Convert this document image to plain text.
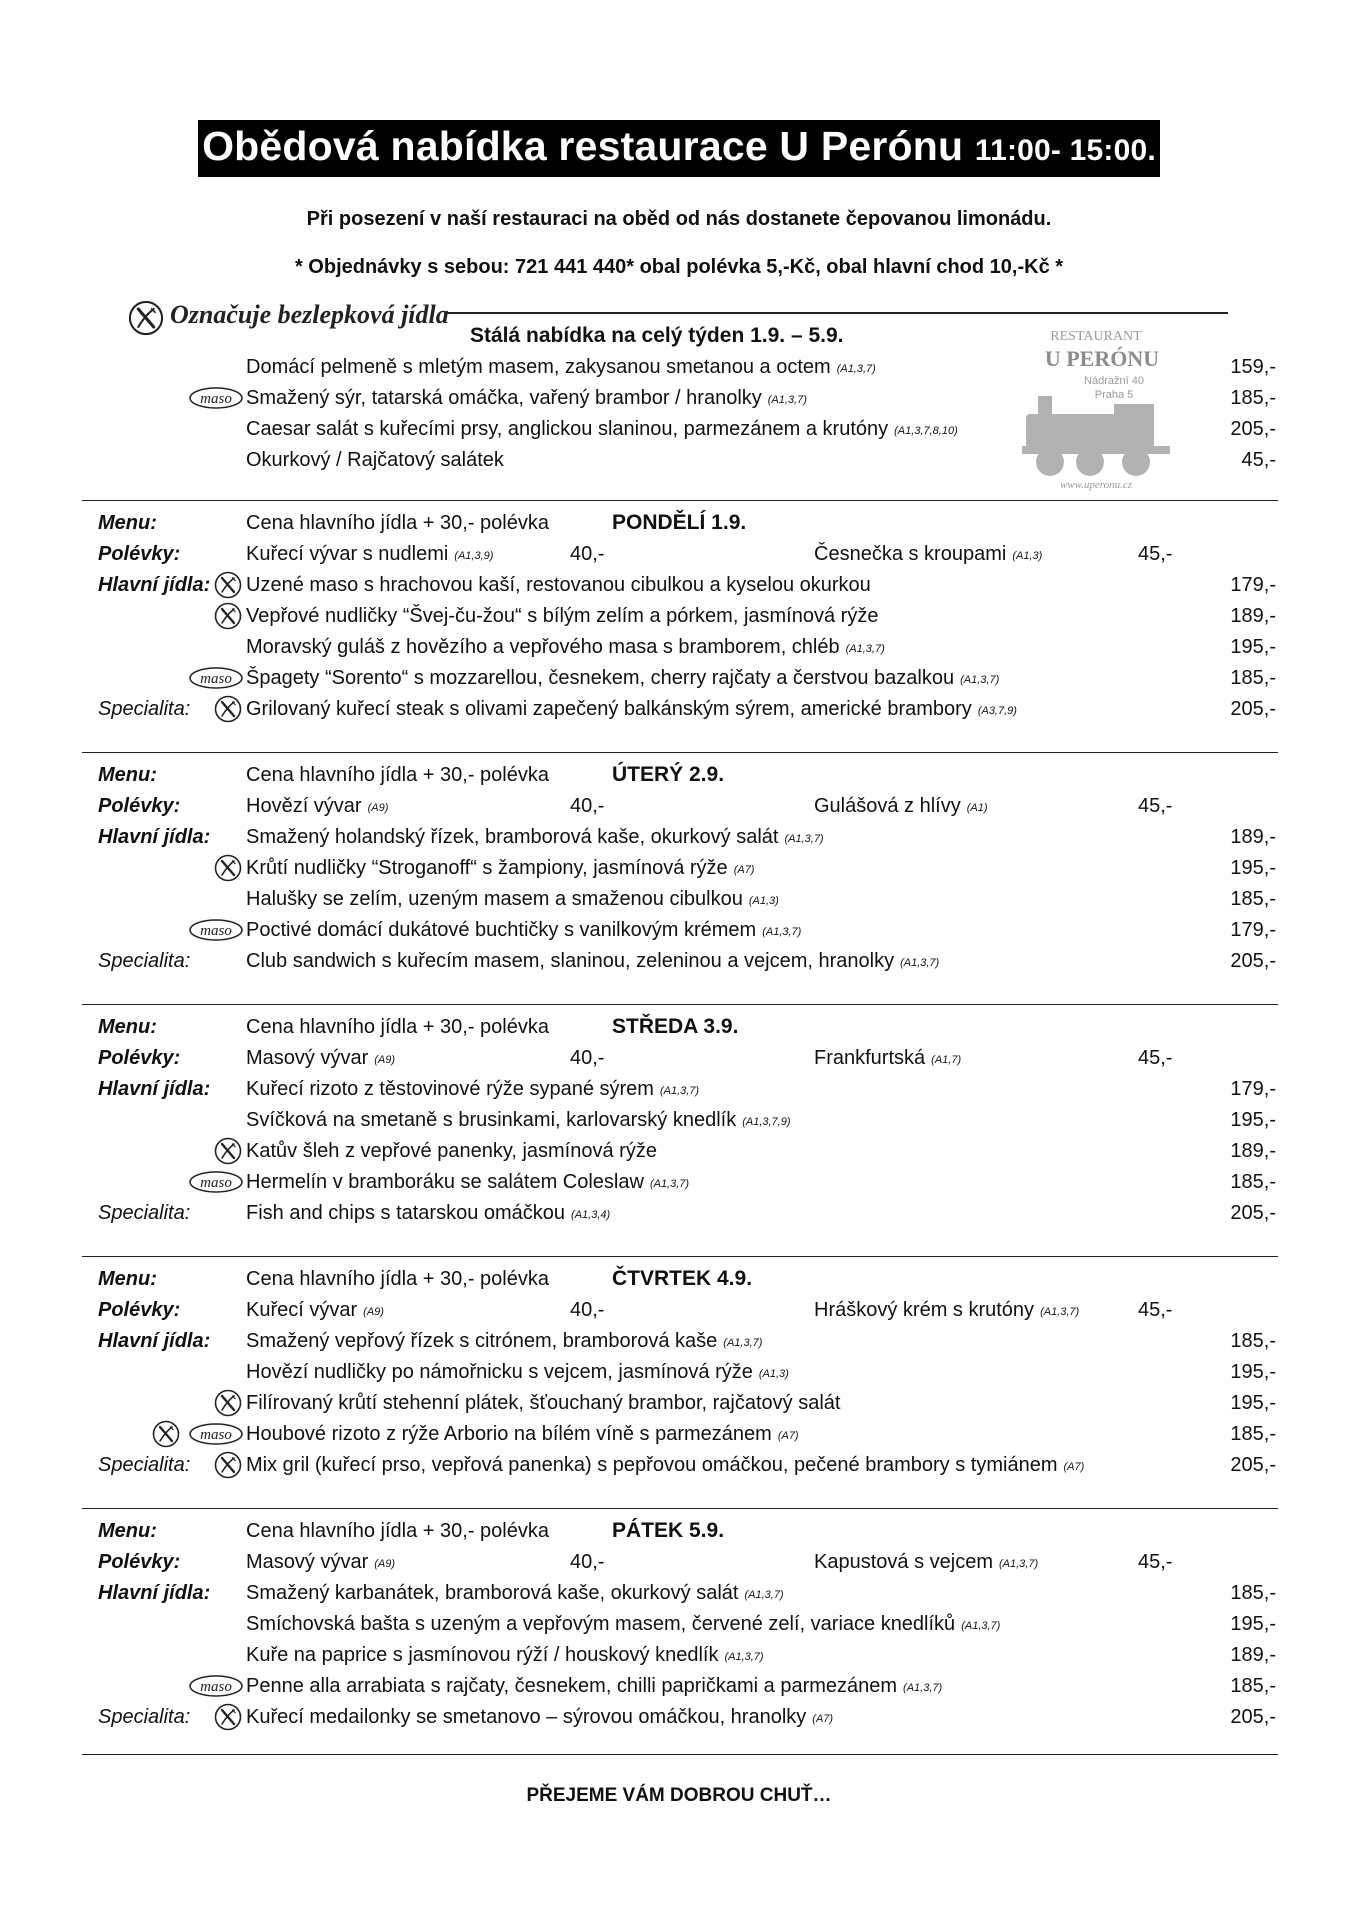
Obědová nabídka restaurace U Perónu 11:00- 15:00.
Při posezení v naší restauraci na oběd od nás dostanete čepovanou limonádu.
* Objednávky s sebou: 721 441 440* obal polévka 5,-Kč, obal hlavní chod 10,-Kč *
Označuje bezlepková jídla
Stálá nabídka na celý týden 1.9. – 5.9.	RESTAURANT
U PERÓNU
Nádražní 40
Praha 5
www.uperonu.cz
Domácí pelmeně s mletým masem, zakysanou smetanou a octem (A1,3,7)	159,-
maso Smažený sýr, tatarská omáčka, vařený brambor / hranolky (A1,3,7)	185,-
Caesar salát s kuřecími prsy, anglickou slaninou, parmezánem a krutóny (A1,3,7,8,10)	205,-
Okurkový / Rajčatový salátek	45,-
Menu:	Cena hlavního jídla + 30,- polévka	PONDĚLÍ 1.9.
Polévky:	Kuřecí vývar s nudlemi (A1,3,9)	40,-	Česnečka s kroupami (A1,3)	45,-
Hlavní jídla: Uzené maso s hrachovou kaší, restovanou cibulkou a kyselou okurkou	179,-
Vepřové nudličky “Švej-ču-žou“ s bílým zelím a pórkem, jasmínová rýže	189,-
Moravský guláš z hovězího a vepřového masa s bramborem, chléb (A1,3,7)	195,-
maso Špagety “Sorento“ s mozzarellou, česnekem, cherry rajčaty a čerstvou bazalkou (A1,3,7)	185,-
Specialita:	Grilovaný kuřecí steak s olivami zapečený balkánským sýrem, americké brambory (A3,7,9)	205,-
Menu:	Cena hlavního jídla + 30,- polévka	ÚTERÝ 2.9.
Polévky:	Hovězí vývar (A9)	40,-	Gulášová z hlívy (A1)	45,-
Hlavní jídla: Smažený holandský řízek, bramborová kaše, okurkový salát (A1,3,7)	189,-
Krůtí nudličky “Stroganoff“ s žampiony, jasmínová rýže (A7)	195,-
Halušky se zelím, uzeným masem a smaženou cibulkou (A1,3)	185,-
maso Poctivé domácí dukátové buchtičky s vanilkovým krémem (A1,3,7)	179,-
Specialita:	Club sandwich s kuřecím masem, slaninou, zeleninou a vejcem, hranolky (A1,3,7)	205,-
Menu:	Cena hlavního jídla + 30,- polévka	STŘEDA 3.9.
Polévky:	Masový vývar (A9)	40,-	Frankfurtská (A1,7)	45,-
Hlavní jídla: Kuřecí rizoto z těstovinové rýže sypané sýrem (A1,3,7)	179,-
Svíčková na smetaně s brusinkami, karlovarský knedlík (A1,3,7,9)	195,-
Katův šleh z vepřové panenky, jasmínová rýže	189,-
maso Hermelín v bramboráku se salátem Coleslaw (A1,3,7)	185,-
Specialita:	Fish and chips s tatarskou omáčkou (A1,3,4)	205,-
Menu:	Cena hlavního jídla + 30,- polévka	ČTVRTEK 4.9.
Polévky:	Kuřecí vývar (A9)	40,-	Hráškový krém s krutóny (A1,3,7)	45,-
Hlavní jídla: Smažený vepřový řízek s citrónem, bramborová kaše (A1,3,7)	185,-
Hovězí nudličky po námořnicku s vejcem, jasmínová rýže (A1,3)	195,-
Filírovaný krůtí stehenní plátek, šťouchaný brambor, rajčatový salát	195,-
maso Houbové rizoto z rýže Arborio na bílém víně s parmezánem (A7)	185,-
Specialita:	Mix gril (kuřecí prso, vepřová panenka) s pepřovou omáčkou, pečené brambory s tymiánem (A7)	205,-
Menu:	Cena hlavního jídla + 30,- polévka	PÁTEK 5.9.
Polévky:	Masový vývar (A9)	40,-	Kapustová s vejcem (A1,3,7)	45,-
Hlavní jídla: Smažený karbanátek, bramborová kaše, okurkový salát (A1,3,7)	185,-
Smíchovská bašta s uzeným a vepřovým masem, červené zelí, variace knedlíků (A1,3,7)	195,-
Kuře na paprice s jasmínovou rýží / houskový knedlík (A1,3,7)	189,-
maso Penne alla arrabiata s rajčaty, česnekem, chilli papričkami a parmezánem (A1,3,7)	185,-
Specialita:	Kuřecí medailonky se smetanovo – sýrovou omáčkou, hranolky (A7)	205,-
PŘEJEME VÁM DOBROU CHUŤ…
